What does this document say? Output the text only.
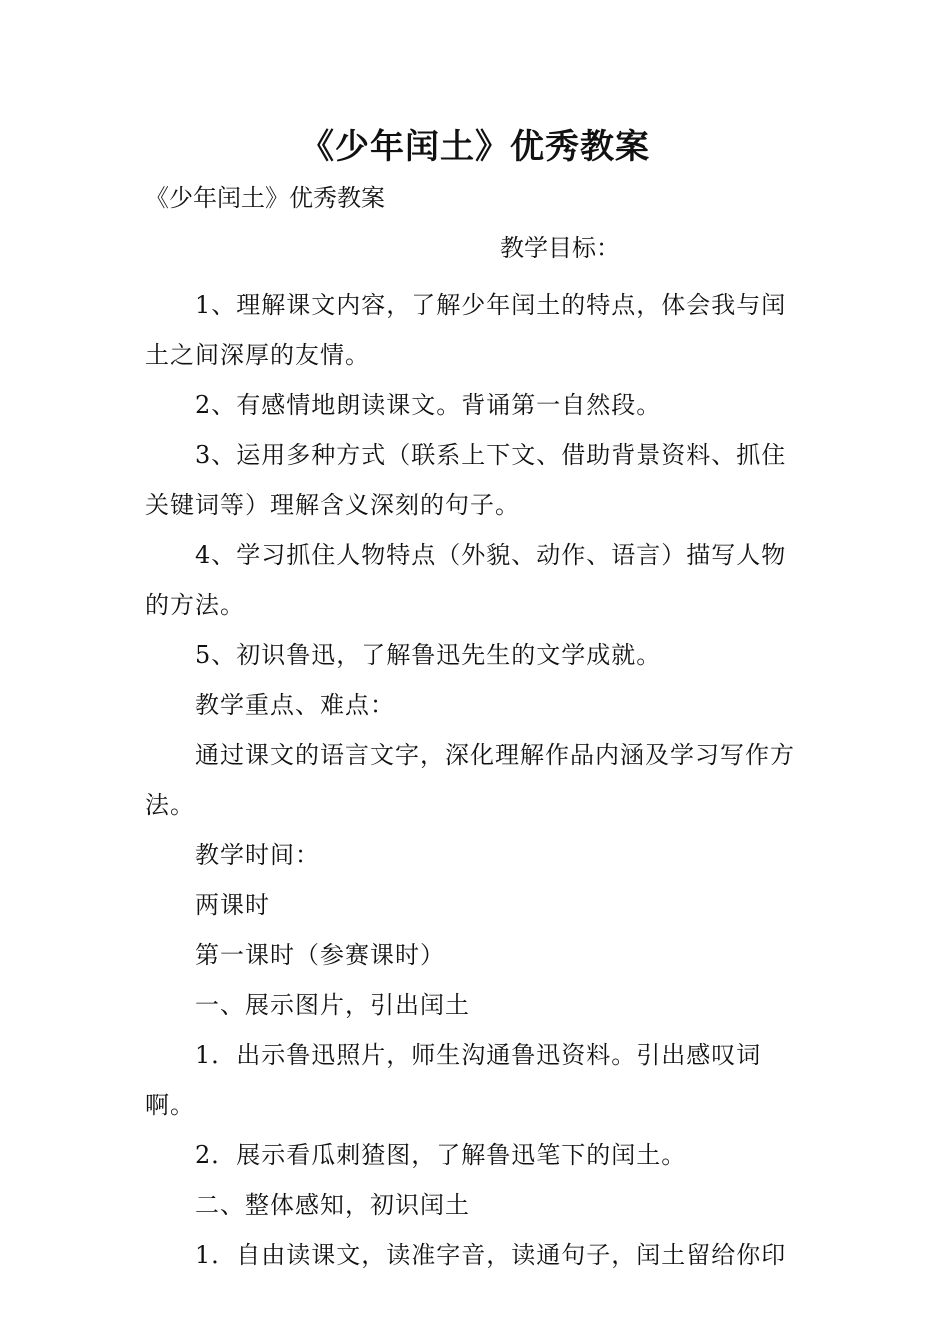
《少年闰土》优秀教案
《少年闰土》优秀教案
教学目标：

1、理解课文内容，了解少年闰土的特点，体会我与闰土之间深厚的友情。

2、有感情地朗读课文。背诵第一自然段。

3、运用多种方式（联系上下文、借助背景资料、抓住关键词等）理解含义深刻的句子。

4、学习抓住人物特点（外貌、动作、语言）描写人物的方法。

5、初识鲁迅，了解鲁迅先生的文学成就。

教学重点、难点：

通过课文的语言文字，深化理解作品内涵及学习写作方法。

教学时间：

两课时

第一课时（参赛课时）

一、展示图片，引出闰土

1．出示鲁迅照片，师生沟通鲁迅资料。引出感叹词啊。

2．展示看瓜刺猹图，了解鲁迅笔下的闰土。

二、整体感知，初识闰土

1．自由读课文，读准字音，读通句子，闰土留给你印
